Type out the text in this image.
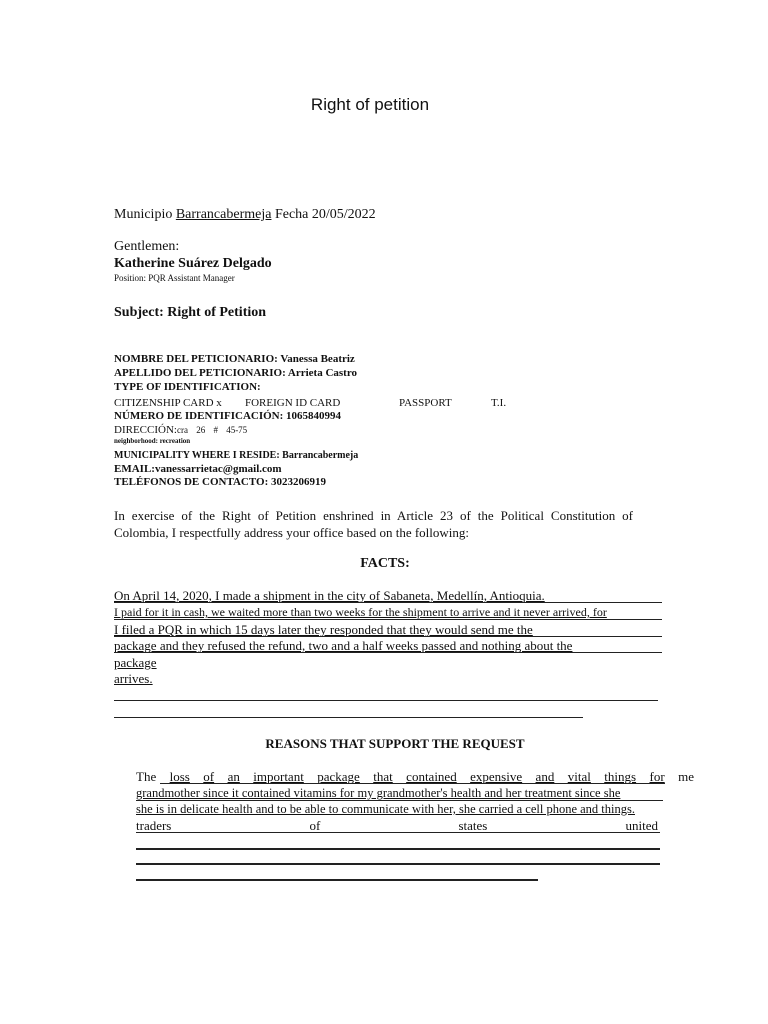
Right of petition
Municipio Barrancabermeja Fecha 20/05/2022
Gentlemen:
Katherine Suárez Delgado
Position: PQR Assistant Manager
Subject: Right of Petition
NOMBRE DEL PETICIONARIO: Vanessa Beatriz
APELLIDO DEL PETICIONARIO: Arrieta Castro
TYPE OF IDENTIFICATION:
CITIZENSHIP CARD x FOREIGN ID CARD	PASSPORT	T.I.
NÚMERO DE IDENTIFICACIÓN: 1065840994
DIRECCIÓN:cra 26 # 45-75
neighborhood: recreation
MUNICIPALITY WHERE I RESIDE: Barrancabermeja
EMAIL:vanessarrietac@gmail.com
TELÉFONOS DE CONTACTO: 3023206919
In exercise of the Right of Petition enshrined in Article 23 of the Political Constitution of Colombia, I respectfully address your office based on the following:
FACTS:
On April 14, 2020, I made a shipment in the city of Sabaneta, Medellín, Antioquia.
I paid for it in cash, we waited more than two weeks for the shipment to arrive and it never arrived, for
I filed a PQR in which 15 days later they responded that they would send me the
package and they refused the refund, two and a half weeks passed and nothing about the
package
arrives.
REASONS THAT SUPPORT THE REQUEST
The loss of an important package that contained expensive and vital things for me
grandmother since it contained vitamins for my grandmother's health and her treatment since she
she is in delicate health and to be able to communicate with her, she carried a cell phone and things.
traders	of	states	united
